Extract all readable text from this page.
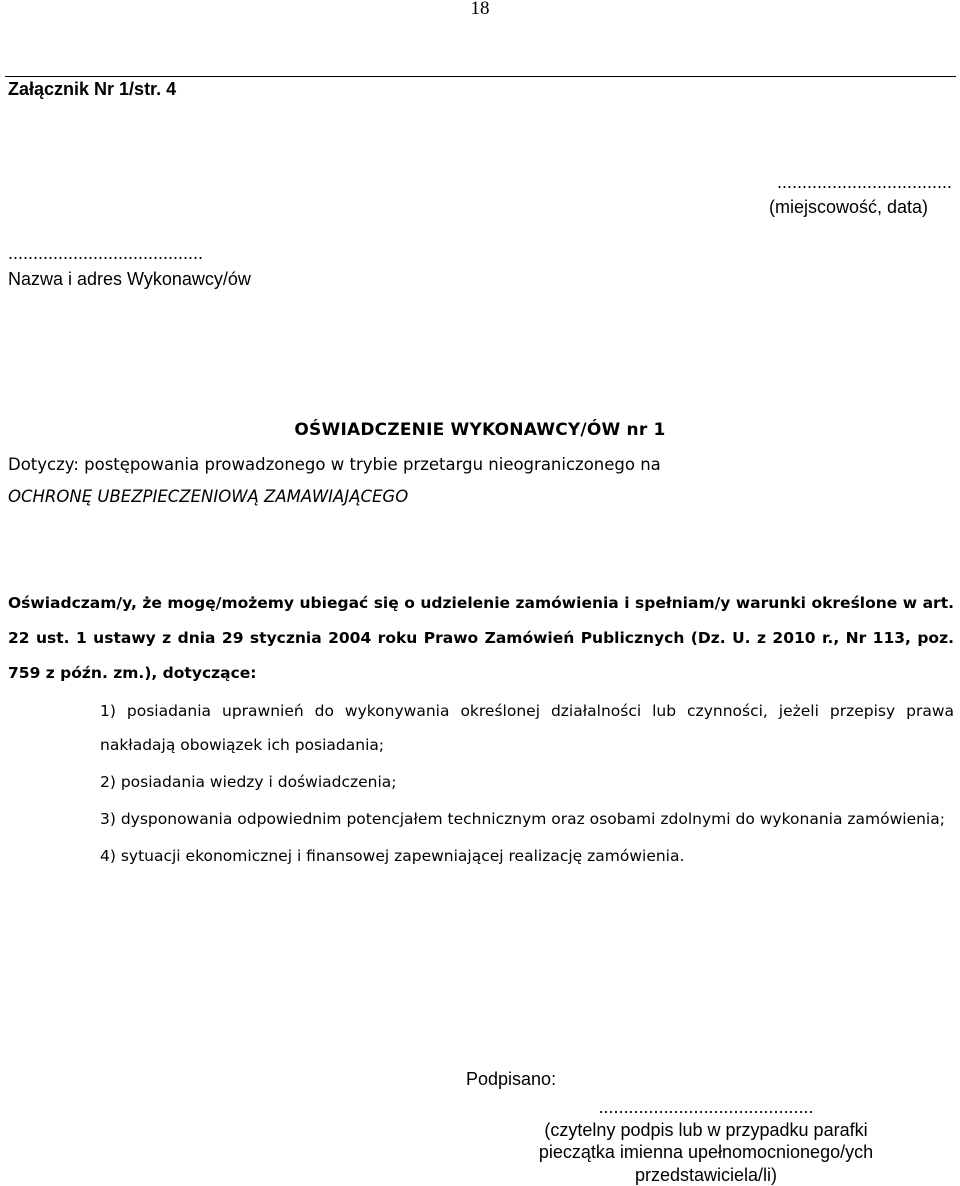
18
Załącznik Nr 1/str. 4
...................................
(miejscowość, data)
.......................................
Nazwa i adres Wykonawcy/ów
OŚWIADCZENIE WYKONAWCY/ÓW nr 1
Dotyczy: postępowania prowadzonego w trybie przetargu nieograniczonego na
OCHRONĘ UBEZPIECZENIOWĄ ZAMAWIAJĄCEGO

Oświadczam/y, że mogę/możemy ubiegać się o udzielenie zamówienia i spełniam/y warunki określone w art. 22 ust. 1 ustawy z dnia 29 stycznia 2004 roku Prawo Zamówień Publicznych (Dz. U. z 2010 r., Nr 113, poz. 759 z późn. zm.), dotyczące:

1) posiadania uprawnień do wykonywania określonej działalności lub czynności, jeżeli przepisy prawa nakładają obowiązek ich posiadania;
2) posiadania wiedzy i doświadczenia;
3) dysponowania odpowiednim potencjałem technicznym oraz osobami zdolnymi do wykonania zamówienia;
4) sytuacji ekonomicznej i finansowej zapewniającej realizację zamówienia.
Podpisano:
...........................................
(czytelny podpis lub w przypadku parafki
pieczątka imienna upełnomocnionego/ych
przedstawiciela/li)
